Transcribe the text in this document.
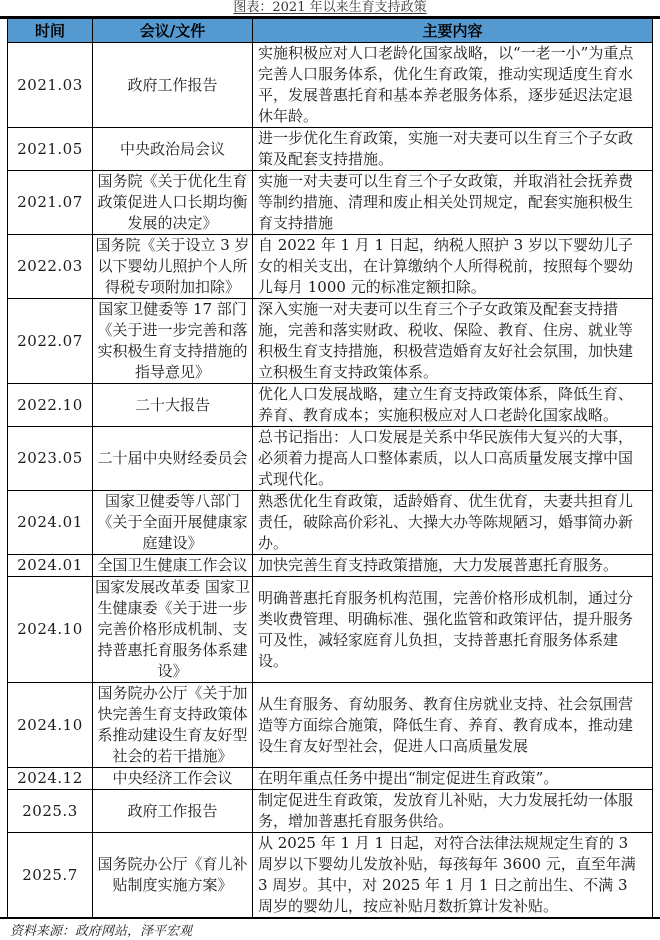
图表：2021 年以来生育支持政策
时间	会议/文件	主要内容
2021.03	政府工作报告	实施积极应对人口老龄化国家战略，以“一老一小”为重点完善人口服务体系，优化生育政策，推动实现适度生育水平，发展普惠托育和基本养老服务体系，逐步延迟法定退休年龄。
2021.05	中央政治局会议	进一步优化生育政策，实施一对夫妻可以生育三个子女政策及配套支持措施。
2021.07	国务院《关于优化生育政策促进人口长期均衡发展的决定》	实施一对夫妻可以生育三个子女政策，并取消社会抚养费等制约措施、清理和废止相关处罚规定，配套实施积极生育支持措施
2022.03	国务院《关于设立 3 岁以下婴幼儿照护个人所得税专项附加扣除》	自 2022 年 1 月 1 日起，纳税人照护 3 岁以下婴幼儿子女的相关支出，在计算缴纳个人所得税前，按照每个婴幼儿每月 1000 元的标准定额扣除。
2022.07	国家卫健委等 17 部门《关于进一步完善和落实积极生育支持措施的指导意见》	深入实施一对夫妻可以生育三个子女政策及配套支持措施，完善和落实财政、税收、保险、教育、住房、就业等积极生育支持措施，积极营造婚育友好社会氛围，加快建立积极生育支持政策体系。
2022.10	二十大报告	优化人口发展战略，建立生育支持政策体系，降低生育、养育、教育成本；实施积极应对人口老龄化国家战略。
2023.05	二十届中央财经委员会	总书记指出：人口发展是关系中华民族伟大复兴的大事，必须着力提高人口整体素质，以人口高质量发展支撑中国式现代化。
2024.01	国家卫健委等八部门《关于全面开展健康家庭建设》	熟悉优化生育政策，适龄婚育、优生优育，夫妻共担育儿责任，破除高价彩礼、大操大办等陈规陋习，婚事简办新办。
2024.01	全国卫生健康工作会议	加快完善生育支持政策措施，大力发展普惠托育服务。
2024.10	国家发展改革委 国家卫生健康委《关于进一步完善价格形成机制、支持普惠托育服务体系建设》	明确普惠托育服务机构范围，完善价格形成机制，通过分类收费管理、明确标准、强化监管和政策评估，提升服务可及性，减轻家庭育儿负担，支持普惠托育服务体系建设。
2024.10	国务院办公厅《关于加快完善生育支持政策体系推动建设生育友好型社会的若干措施》	从生育服务、育幼服务、教育住房就业支持、社会氛围营造等方面综合施策，降低生育、养育、教育成本，推动建设生育友好型社会，促进人口高质量发展
2024.12	中央经济工作会议	在明年重点任务中提出“制定促进生育政策”。
2025.3	政府工作报告	制定促进生育政策，发放育儿补贴，大力发展托幼一体服务，增加普惠托育服务供给。
2025.7	国务院办公厅《育儿补贴制度实施方案》	从 2025 年 1 月 1 日起，对符合法律法规规定生育的 3 周岁以下婴幼儿发放补贴，每孩每年 3600 元，直至年满 3 周岁。其中，对 2025 年 1 月 1 日之前出生、不满 3 周岁的婴幼儿，按应补贴月数折算计发补贴。
资料来源：政府网站，泽平宏观
